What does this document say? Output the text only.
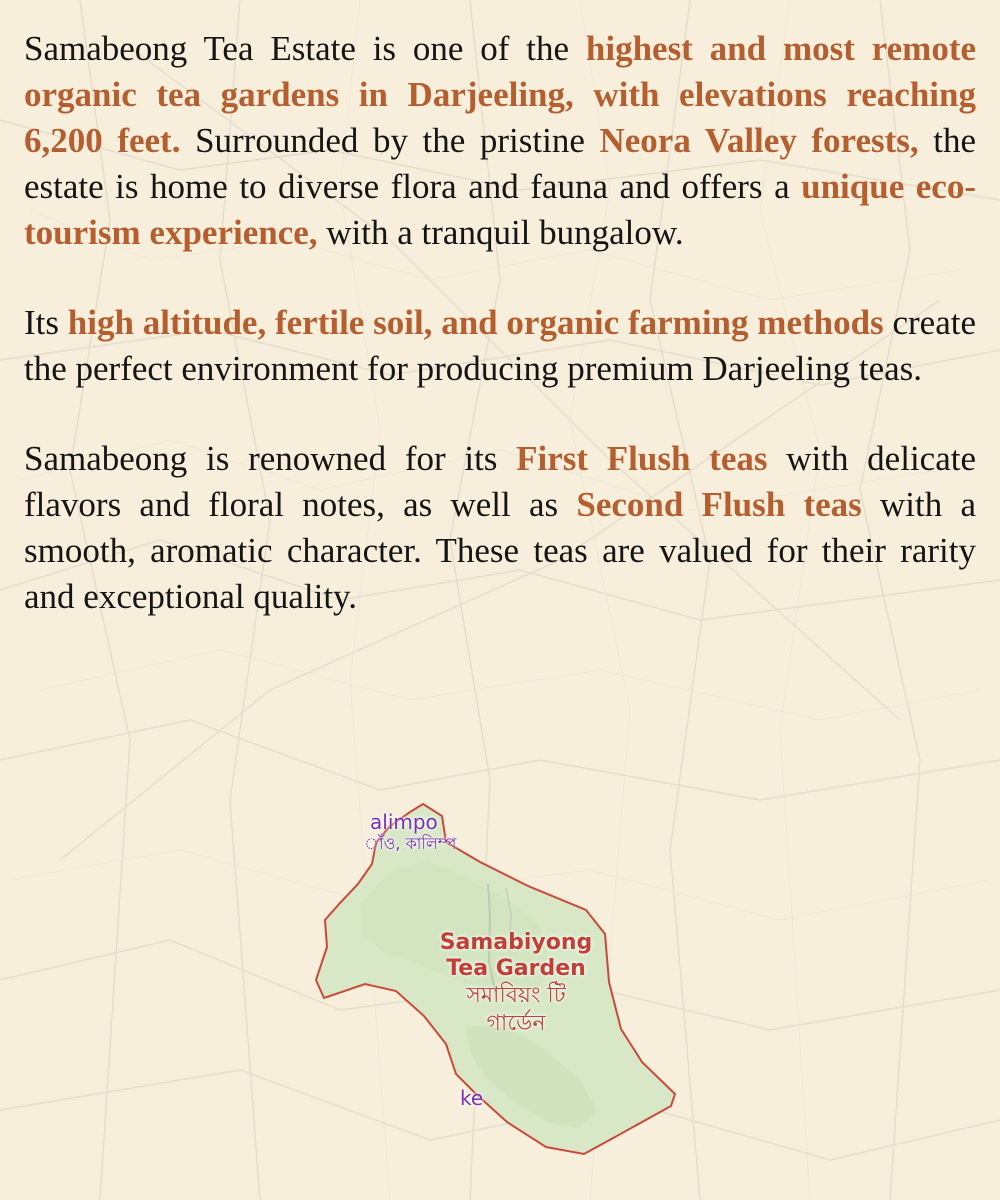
Samabeong Tea Estate is one of the highest and most remote organic tea gardens in Darjeeling, with elevations reaching 6,200 feet. Surrounded by the pristine Neora Valley forests, the estate is home to diverse flora and fauna and offers a unique eco-tourism experience, with a tranquil bungalow.

Its high altitude, fertile soil, and organic farming methods create the perfect environment for producing premium Darjeeling teas.

Samabeong is renowned for its First Flush teas with delicate flavors and floral notes, as well as Second Flush teas with a smooth, aromatic character. These teas are valued for their rarity and exceptional quality.

alimpo
াঁও, কালিম্প
Samabiyong Tea Garden
সমাবিয়ং টি গার্ডেন
ke
